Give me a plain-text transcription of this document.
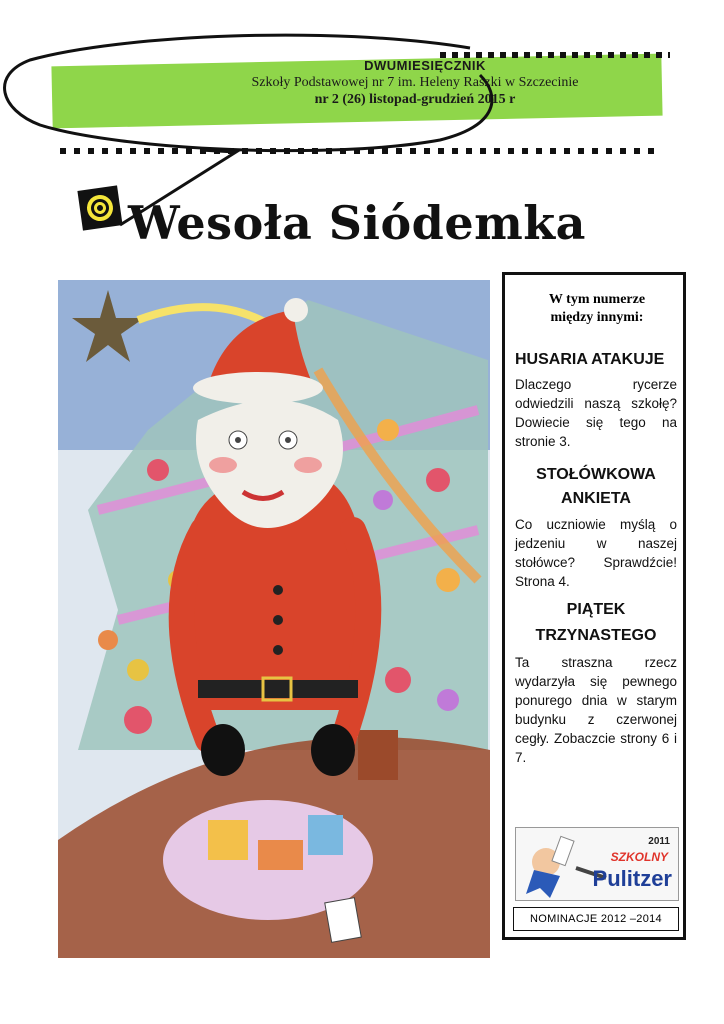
DWUMIESIĘCZNIK
Szkoły Podstawowej nr 7 im. Heleny Raszki w Szczecinie
nr 2 (26) listopad-grudzień 2015 r
Wesoła Siódemka
W tym numerze między innymi:
HUSARIA ATAKUJE
Dlaczego rycerze odwiedzili naszą szkołę? Dowiecie się tego na stronie 3.
STOŁÓWKOWA ANKIETA
Co uczniowie myślą o jedzeniu w naszej stołówce? Sprawdźcie! Strona 4.
PIĄTEK TRZYNASTEGO
Ta straszna rzecz wydarzyła się pewnego ponurego dnia w starym budynku z czerwonej cegły. Zobaczcie strony 6 i 7.
2011
SZKOLNY
Pulitzer
NOMINACJE 2012 –2014
